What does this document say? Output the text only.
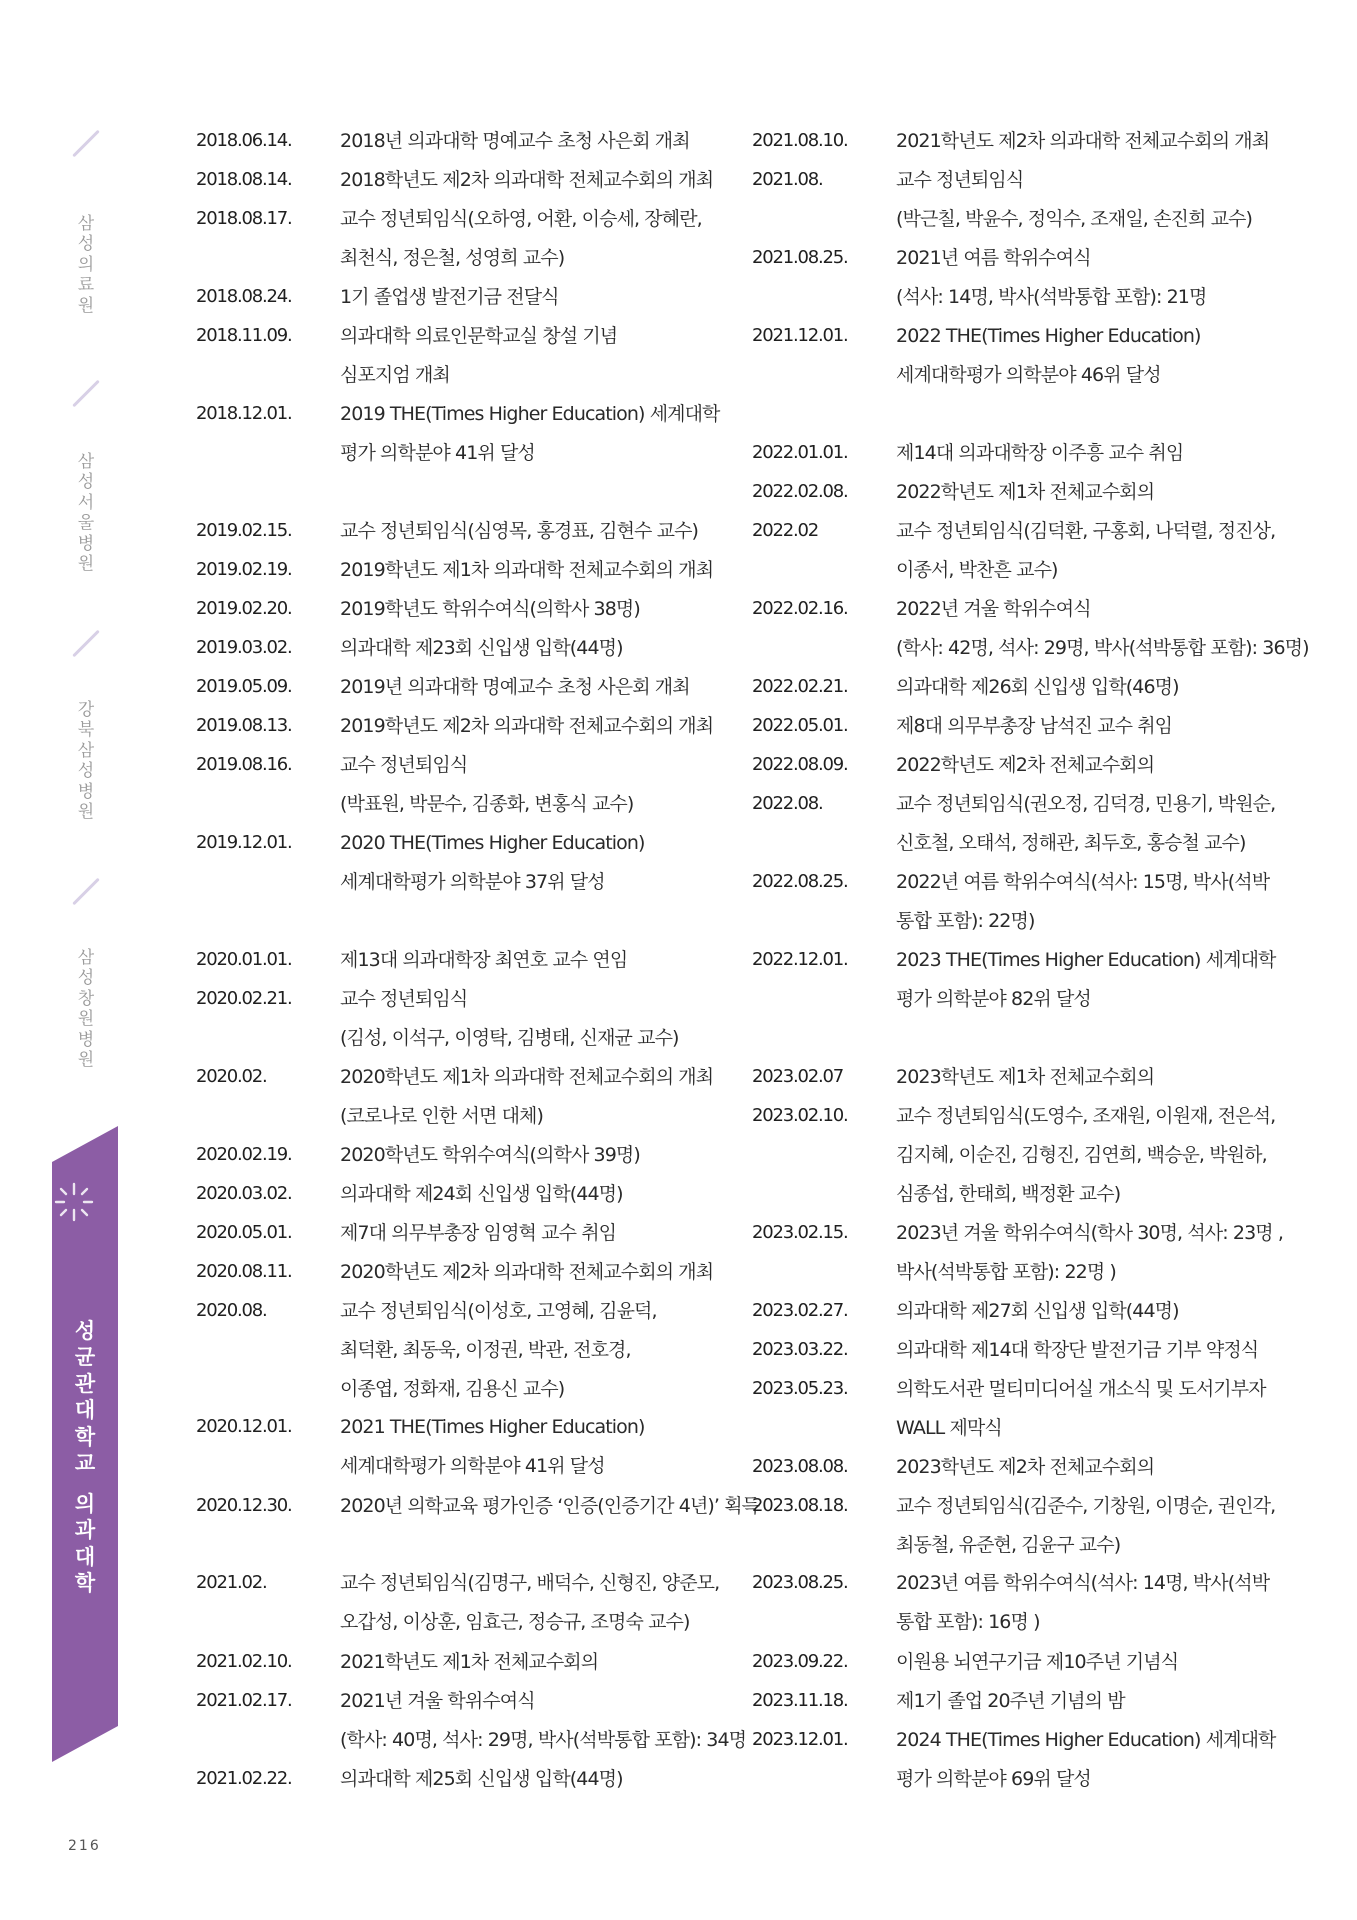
삼
성
의
료
원
삼
성
서
울
병
원
강
북
삼
성
병
원
삼
성
창
원
병
원
성
균
관
대
학
교

의
과
대
학
216
2018.06.14.	2018년 의과대학 명예교수 초청 사은회 개최
2018.08.14.	2018학년도 제2차 의과대학 전체교수회의 개최
2018.08.17.	교수 정년퇴임식(오하영, 어환, 이승세, 장혜란,
최천식, 정은철, 성영희 교수)
2018.08.24.	1기 졸업생 발전기금 전달식
2018.11.09.	의과대학 의료인문학교실 창설 기념
심포지엄 개최
2018.12.01.	2019 THE(Times Higher Education) 세계대학
평가 의학분야 41위 달성
2019.02.15.	교수 정년퇴임식(심영목, 홍경표, 김현수 교수)
2019.02.19.	2019학년도 제1차 의과대학 전체교수회의 개최
2019.02.20.	2019학년도 학위수여식(의학사 38명)
2019.03.02.	의과대학 제23회 신입생 입학(44명)
2019.05.09.	2019년 의과대학 명예교수 초청 사은회 개최
2019.08.13.	2019학년도 제2차 의과대학 전체교수회의 개최
2019.08.16.	교수 정년퇴임식
(박표원, 박문수, 김종화, 변홍식 교수)
2019.12.01.	2020 THE(Times Higher Education)
세계대학평가 의학분야 37위 달성
2020.01.01.	제13대 의과대학장 최연호 교수 연임
2020.02.21.	교수 정년퇴임식
(김성, 이석구, 이영탁, 김병태, 신재균 교수)
2020.02.	2020학년도 제1차 의과대학 전체교수회의 개최
(코로나로 인한 서면 대체)
2020.02.19.	2020학년도 학위수여식(의학사 39명)
2020.03.02.	의과대학 제24회 신입생 입학(44명)
2020.05.01.	제7대 의무부총장 임영혁 교수 취임
2020.08.11.	2020학년도 제2차 의과대학 전체교수회의 개최
2020.08.	교수 정년퇴임식(이성호, 고영혜, 김윤덕,
최덕환, 최동욱, 이정권, 박관, 전호경,
이종엽, 정화재, 김용신 교수)
2020.12.01.	2021 THE(Times Higher Education)
세계대학평가 의학분야 41위 달성
2020.12.30.	2020년 의학교육 평가인증 ‘인증(인증기간 4년)’ 획득
2021.02.	교수 정년퇴임식(김명구, 배덕수, 신형진, 양준모,
오갑성, 이상훈, 임효근, 정승규, 조명숙 교수)
2021.02.10.	2021학년도 제1차 전체교수회의
2021.02.17.	2021년 겨울 학위수여식
(학사: 40명, 석사: 29명, 박사(석박통합 포함): 34명
2021.02.22.	의과대학 제25회 신입생 입학(44명)
2021.08.10.	2021학년도 제2차 의과대학 전체교수회의 개최
2021.08.	교수 정년퇴임식
(박근칠, 박윤수, 정익수, 조재일, 손진희 교수)
2021.08.25.	2021년 여름 학위수여식
(석사: 14명, 박사(석박통합 포함): 21명
2021.12.01.	2022 THE(Times Higher Education)
세계대학평가 의학분야 46위 달성
2022.01.01.	제14대 의과대학장 이주흥 교수 취임
2022.02.08.	2022학년도 제1차 전체교수회의
2022.02	교수 정년퇴임식(김덕환, 구홍회, 나덕렬, 정진상,
이종서, 박찬흔 교수)
2022.02.16.	2022년 겨울 학위수여식
(학사: 42명, 석사: 29명, 박사(석박통합 포함): 36명)
2022.02.21.	의과대학 제26회 신입생 입학(46명)
2022.05.01.	제8대 의무부총장 남석진 교수 취임
2022.08.09.	2022학년도 제2차 전체교수회의
2022.08.	교수 정년퇴임식(권오정, 김덕경, 민용기, 박원순,
신호철, 오태석, 정해관, 최두호, 홍승철 교수)
2022.08.25.	2022년 여름 학위수여식(석사: 15명, 박사(석박
통합 포함): 22명)
2022.12.01.	2023 THE(Times Higher Education) 세계대학
평가 의학분야 82위 달성
2023.02.07	2023학년도 제1차 전체교수회의
2023.02.10.	교수 정년퇴임식(도영수, 조재원, 이원재, 전은석,
김지혜, 이순진, 김형진, 김연희, 백승운, 박원하,
심종섭, 한태희, 백정환 교수)
2023.02.15.	2023년 겨울 학위수여식(학사 30명, 석사: 23명 ,
박사(석박통합 포함): 22명 )
2023.02.27.	의과대학 제27회 신입생 입학(44명)
2023.03.22.	의과대학 제14대 학장단 발전기금 기부 약정식
2023.05.23.	의학도서관 멀티미디어실 개소식 및 도서기부자
WALL 제막식
2023.08.08.	2023학년도 제2차 전체교수회의
2023.08.18.	교수 정년퇴임식(김준수, 기창원, 이명순, 권인각,
최동철, 유준현, 김윤구 교수)
2023.08.25.	2023년 여름 학위수여식(석사: 14명, 박사(석박
통합 포함): 16명 )
2023.09.22.	이원용 뇌연구기금 제10주년 기념식
2023.11.18.	제1기 졸업 20주년 기념의 밤
2023.12.01.	2024 THE(Times Higher Education) 세계대학
평가 의학분야 69위 달성
